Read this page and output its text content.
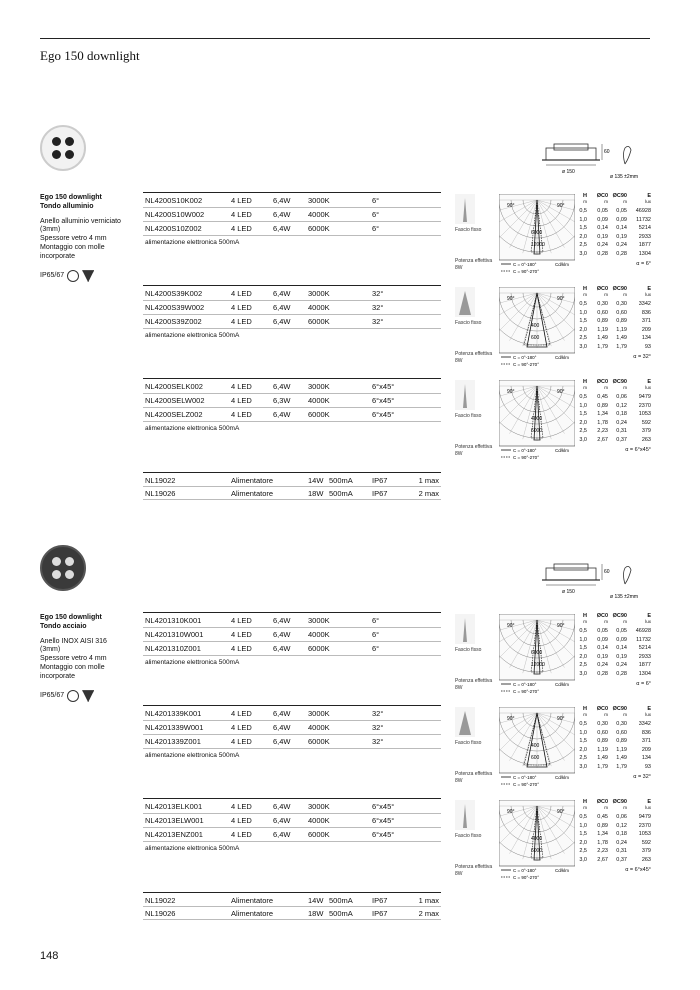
Ego 150 downlight
148
60
ø 150
ø 135 ±2mm
Ego 150 downlight
Tondo alluminio
Anello alluminio verniciato
(3mm)
Spessore vetro 4 mm
Montaggio con molle
incorporate
IP65/67
NL4200S10K002	4 LED	6,4W 3000K	6°
NL4200S10W002	4 LED	6,4W 4000K	6°
NL4200S10Z002	4 LED	6,4W 6000K	6°
alimentazione elettronica 500mA
Fascio fisso
Potenza effettiva
8W
90°	90°
6000
12000
C = 0°-180°
C = 90°-270°
Cd/klm
H
m
ØC0
m
ØC90
m
E
lux
0,5	0,05	0,05	46928
1,0	0,09	0,09	11732
1,5	0,14	0,14	5214
2,0	0,19	0,19	2933
2,5	0,24	0,24	1877
3,0	0,28	0,28	1304
α = 6°
NL4200S39K002	4 LED	6,4W 3000K	32°
NL4200S39W002	4 LED	6,4W 4000K	32°
NL4200S39Z002	4 LED	6,4W 6000K	32°
alimentazione elettronica 500mA
Fascio fisso
Potenza effettiva
8W
90°	90°
400
600
C = 0°-180°
C = 90°-270°
Cd/klm
H
m
ØC0
m
ØC90
m
E
lux
0,5	0,30	0,30	3342
1,0	0,60	0,60	836
1,5	0,89	0,89	371
2,0	1,19	1,19	209
2,5	1,49	1,49	134
3,0	1,79	1,79	93
α = 32°
NL4200SELK002	4 LED	6,4W 3000K	6°x45°
NL4200SELW002	4 LED	6,3W 4000K	6°x45°
NL4200SELZ002	4 LED	6,4W 6000K	6°x45°
alimentazione elettronica 500mA
Fascio fisso
Potenza effettiva
8W
90°	90°
4000
6000
C = 0°-180°
C = 90°-270°
Cd/klm
H
m
ØC0
m
ØC90
m
E
lux
0,5	0,45	0,06	9479
1,0	0,89	0,12	2370
1,5	1,34	0,18	1053
2,0	1,78	0,24	592
2,5	2,23	0,31	379
3,0	2,67	0,37	263
α = 6°x45°
NL19022	Alimentatore	14W 500mA	IP67	1 max
NL19026	Alimentatore	18W 500mA	IP67	2 max
60
ø 150
ø 135 ±2mm
Ego 150 downlight
Tondo acciaio
Anello INOX AISI 316
(3mm)
Spessore vetro 4 mm
Montaggio con molle
incorporate
IP65/67
NL4201310K001	4 LED	6,4W 3000K	6°
NL4201310W001	4 LED	6,4W 4000K	6°
NL4201310Z001	4 LED	6,4W 6000K	6°
alimentazione elettronica 500mA
Fascio fisso
Potenza effettiva
8W
90°	90°
6000
12000
C = 0°-180°
C = 90°-270°
Cd/klm
H
m
ØC0
m
ØC90
m
E
lux
0,5	0,05	0,05	46928
1,0	0,09	0,09	11732
1,5	0,14	0,14	5214
2,0	0,19	0,19	2933
2,5	0,24	0,24	1877
3,0	0,28	0,28	1304
α = 6°
NL4201339K001	4 LED	6,4W 3000K	32°
NL4201339W001	4 LED	6,4W 4000K	32°
NL4201339Z001	4 LED	6,4W 6000K	32°
alimentazione elettronica 500mA
Fascio fisso
Potenza effettiva
8W
90°	90°
400
600
C = 0°-180°
C = 90°-270°
Cd/klm
H
m
ØC0
m
ØC90
m
E
lux
0,5	0,30	0,30	3342
1,0	0,60	0,60	836
1,5	0,89	0,89	371
2,0	1,19	1,19	209
2,5	1,49	1,49	134
3,0	1,79	1,79	93
α = 32°
NL42013ELK001	4 LED	6,4W 3000K	6°x45°
NL42013ELW001	4 LED	6,4W 4000K	6°x45°
NL42013ENZ001	4 LED	6,4W 6000K	6°x45°
alimentazione elettronica 500mA
Fascio fisso
Potenza effettiva
8W
90°	90°
4000
6000
C = 0°-180°
C = 90°-270°
Cd/klm
H
m
ØC0
m
ØC90
m
E
lux
0,5	0,45	0,06	9479
1,0	0,89	0,12	2370
1,5	1,34	0,18	1053
2,0	1,78	0,24	592
2,5	2,23	0,31	379
3,0	2,67	0,37	263
α = 6°x45°
NL19022	Alimentatore	14W 500mA	IP67	1 max
NL19026	Alimentatore	18W 500mA	IP67	2 max
